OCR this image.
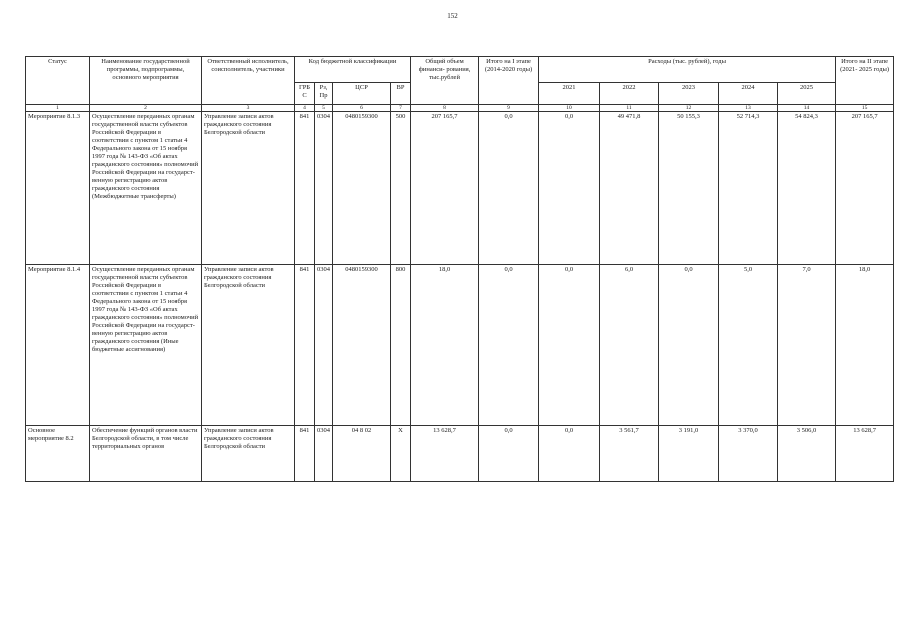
152
Статус	Наименование государственной программы, подпрограммы, основного мероприятия	Ответственный исполнитель, соисполнитель, участники	Код бюджетной классификации				Общий объем финанси- рования, тыс.рублей	Итого на I этапе (2014-2020 годы)	Расходы (тыс. рублей), годы					Итого на II этапе (2021- 2025 годы)
			ГРБ С	Рз, Пр	ЦСР	ВР			2021	2022	2023	2024	2025	
1	2	3	4	5	6	7	8	9	10	11	12	13	14	15
Мероприятие 8.1.3	Осуществление переданных органам государственной власти субъектов Российской Федерации в соответствии с пунктом 1 статьи 4 Федерального закона от 15 ноября 1997 года № 143-ФЗ «Об актах гражданского состояния» полномочий Российской Федерации на государст- венную регистрацию актов гражданского состояния (Межбюджетные трансферты)	Управление записи актов гражданского состояния Белгородской области	841	0304	0480159300	500	207 165,7	0,0	0,0	49 471,8	50 155,3	52 714,3	54 824,3	207 165,7
Мероприятие 8.1.4	Осуществление переданных органам государственной власти субъектов Российской Федерации в соответствии с пунктом 1 статьи 4 Федерального закона от 15 ноября 1997 года № 143-ФЗ «Об актах гражданского состояния» полномочий Российской Федерации на государст- венную регистрацию актов гражданского состояния (Иные бюджетные ассигнования)	Управление записи актов гражданского состояния Белгородской области	841	0304	0480159300	800	18,0	0,0	0,0	6,0	0,0	5,0	7,0	18,0
Основное мероприятие 8.2	Обеспечение функций органов власти Белгородской области, в том числе территориальных органов	Управление записи актов гражданского состояния Белгородской области	841	0304	04 8 02	Х	13 628,7	0,0	0,0	3 561,7	3 191,0	3 370,0	3 506,0	13 628,7
